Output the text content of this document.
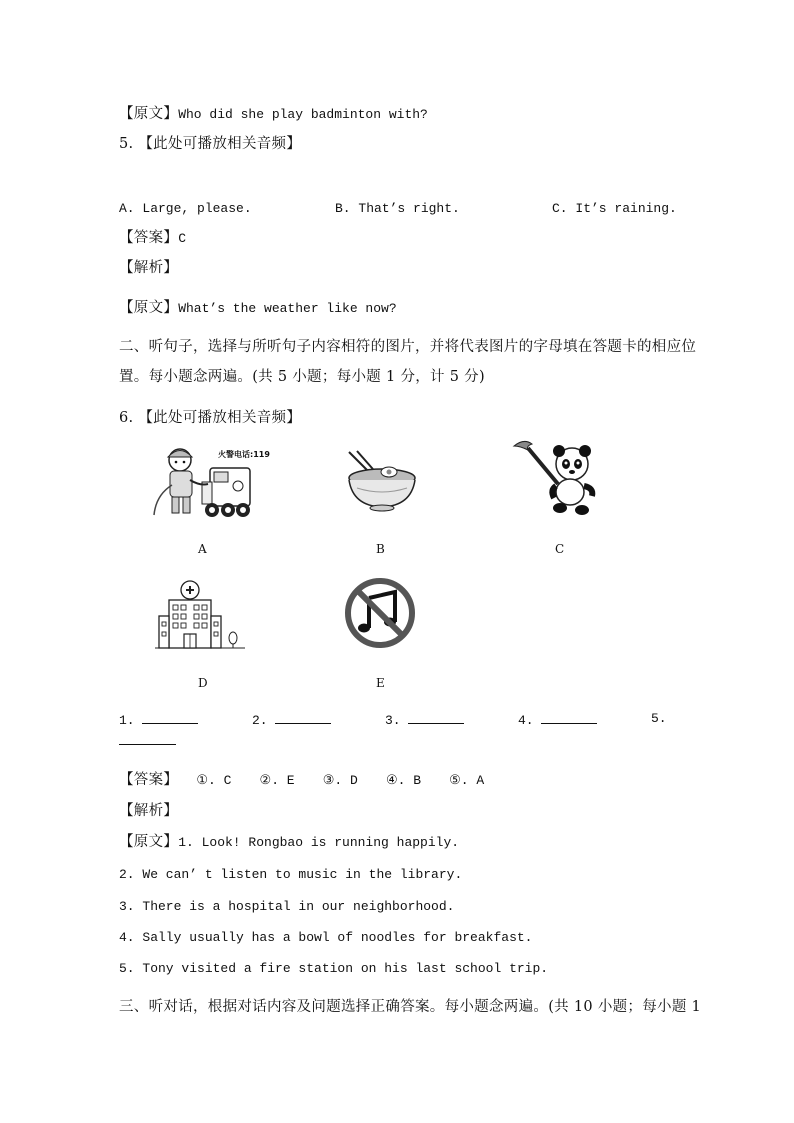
【原文】Who did she play badminton with?
5. 【此处可播放相关音频】
A. Large, please.	B. That’s right.	C. It’s raining.
【答案】C
【解析】
【原文】What’s the weather like now?
二、听句子，选择与所听句子内容相符的图片，并将代表图片的字母填在答题卡的相应位
置。每小题念两遍。(共 5 小题；每小题 1 分，计 5 分)
6. 【此处可播放相关音频】
火警电话:119
A	B	C
D	E
1.	2.	3.	4.	5.
【答案】 ①. C ②. E ③. D ④. B ⑤. A
【解析】
【原文】1. Look! Rongbao is running happily.
2. We can’ t listen to music in the library.
3. There is a hospital in our neighborhood.
4. Sally usually has a bowl of noodles for breakfast.
5. Tony visited a fire station on his last school trip.
三、听对话，根据对话内容及问题选择正确答案。每小题念两遍。(共 10 小题；每小题 1
